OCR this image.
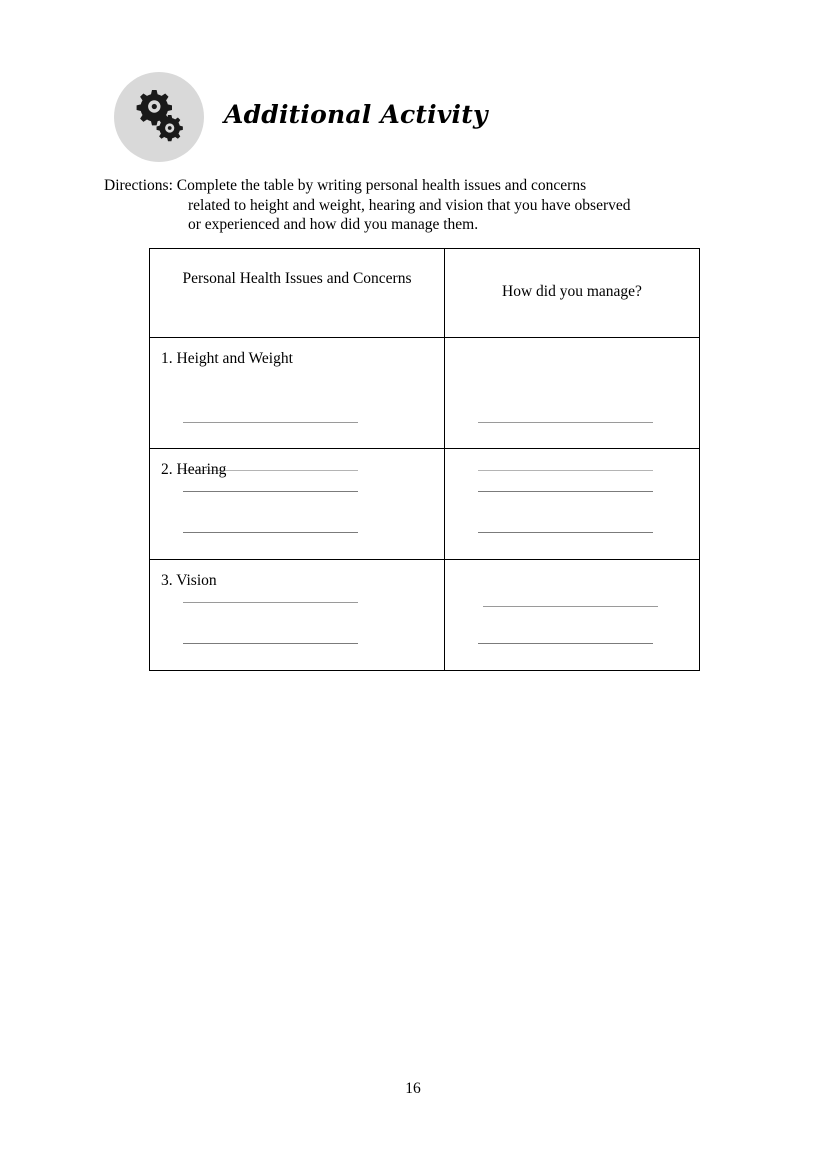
Additional Activity
Directions: Complete the table by writing personal health issues and concerns
related to height and weight, hearing and vision that you have observed
or experienced and how did you manage them.
Personal Health Issues and Concerns	How did you manage?

1. Height and Weight	

2. Hearing	

3. Vision	

16
